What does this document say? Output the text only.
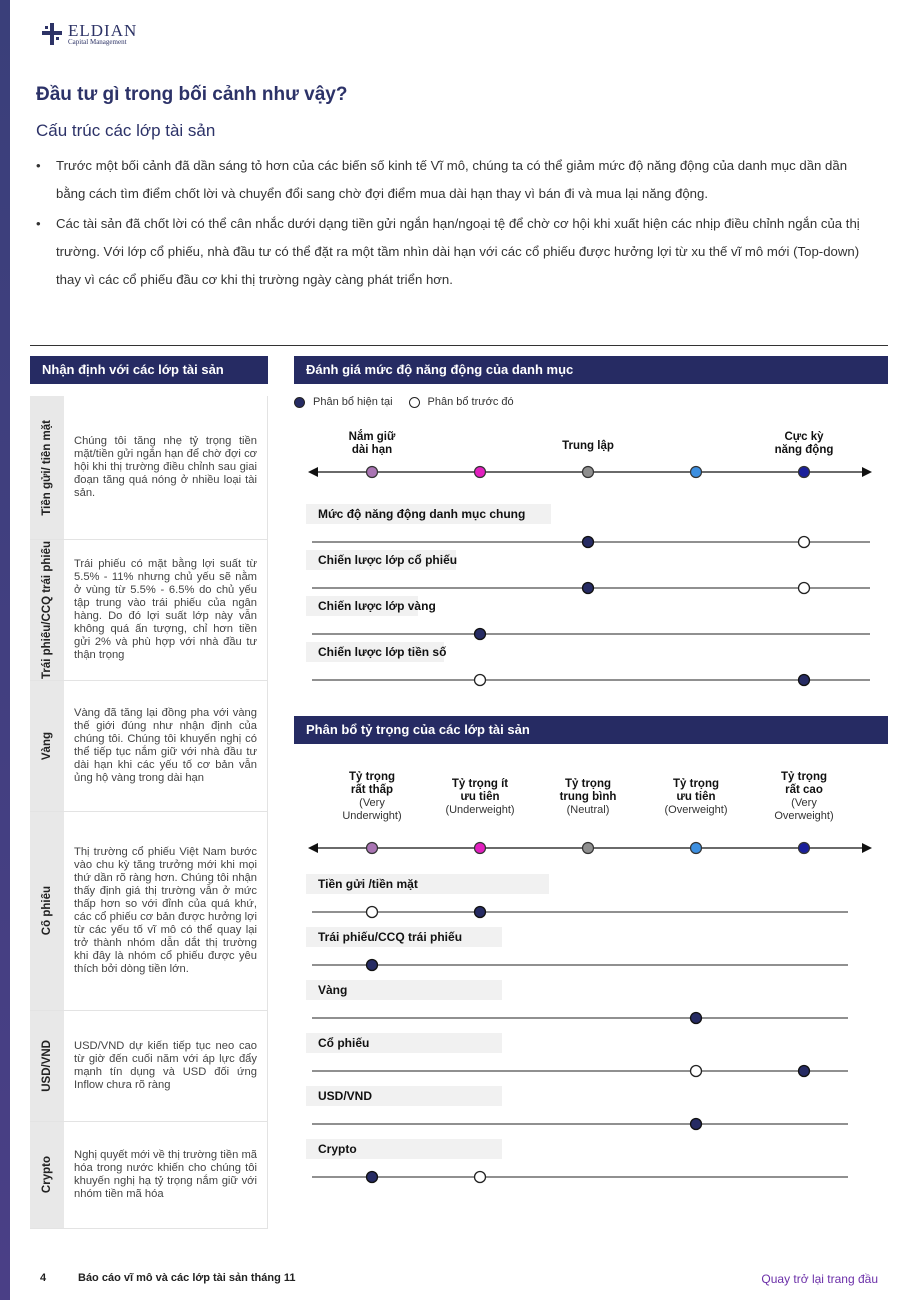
ELDIAN
Capital Management
Đầu tư gì trong bối cảnh như vậy?
Cấu trúc các lớp tài sản
• Trước một bối cảnh đã dần sáng tỏ hơn của các biến số kinh tế Vĩ mô, chúng ta có thể giảm mức độ năng động của danh mục dần dần bằng cách tìm điểm chốt lời và chuyển đổi sang chờ đợi điểm mua dài hạn thay vì bán đi và mua lại năng động.
• Các tài sản đã chốt lời có thể cân nhắc dưới dạng tiền gửi ngắn hạn/ngoại tệ để chờ cơ hội khi xuất hiện các nhịp điều chỉnh ngắn của thị trường. Với lớp cổ phiếu, nhà đầu tư có thể đặt ra một tầm nhìn dài hạn với các cổ phiếu được hưởng lợi từ xu thế vĩ mô mới (Top-down) thay vì các cổ phiếu đầu cơ khi thị trường ngày càng phát triển hơn.
Nhận định với các lớp tài sản
Tiền gửi/ tiền mặt	Chúng tôi tăng nhẹ tỷ trọng tiền mặt/tiền gửi ngắn hạn để chờ đợi cơ hội khi thị trường điều chỉnh sau giai đoạn tăng quá nóng ở nhiều loại tài sản.
Trái phiếu/CCQ trái phiếu	Trái phiếu có mặt bằng lợi suất từ 5.5% - 11% nhưng chủ yếu sẽ nằm ở vùng từ 5.5% - 6.5% do chủ yếu tập trung vào trái phiếu của ngân hàng. Do đó lợi suất lớp này vẫn không quá ấn tượng, chỉ hơn tiền gửi 2% và phù hợp với nhà đầu tư thận trọng
Vàng
Vàng đã tăng lại đồng pha với vàng thế giới đúng như nhận định của chúng tôi. Chúng tôi khuyến nghị có thể tiếp tục nắm giữ với nhà đầu tư dài hạn khi các yếu tố cơ bản vẫn ủng hộ vàng trong dài hạn
Cổ phiếu
Thị trường cổ phiếu Việt Nam bước vào chu kỳ tăng trưởng mới khi mọi thứ dần rõ ràng hơn. Chúng tôi nhận thấy định giá thị trường vẫn ở mức thấp hơn so với đỉnh của quá khứ, các cổ phiếu cơ bản được hưởng lợi từ các yếu tố vĩ mô có thể quay lại trở thành nhóm dẫn dắt thị trường khi đây là nhóm cổ phiếu được yêu thích bởi dòng tiền lớn.
USD/VND	USD/VND dự kiến tiếp tục neo cao từ giờ đến cuối năm với áp lực đẩy mạnh tín dụng và USD đối ứng Inflow chưa rõ ràng
Crypto
Nghị quyết mới về thị trường tiền mã hóa trong nước khiến cho chúng tôi khuyến nghị hạ tỷ trọng nắm giữ với nhóm tiền mã hóa
Đánh giá mức độ năng động của danh mục
Phân bổ hiện tại	Phân bổ trước đó
Nắm giữ
dài hạn	Trung lập
Cực kỳ
năng động
Mức độ năng động danh mục chung
Chiến lược lớp cổ phiếu
Chiến lược lớp vàng
Chiến lược lớp tiền số
Phân bổ tỷ trọng của các lớp tài sản
Tỷ trọng
rất thấp
(Very
Underwight)
Tỷ trọng ít
ưu tiên
(Underweight)
Tỷ trọng
trung bình
(Neutral)
Tỷ trọng
ưu tiên
(Overweight)
Tỷ trọng
rất cao
(Very
Overweight)
Tiền gửi /tiền mặt
Trái phiếu/CCQ trái phiếu
Vàng
Cổ phiếu
USD/VND
Crypto
4	Báo cáo vĩ mô và các lớp tài sản tháng 11	Quay trở lại trang đầu
